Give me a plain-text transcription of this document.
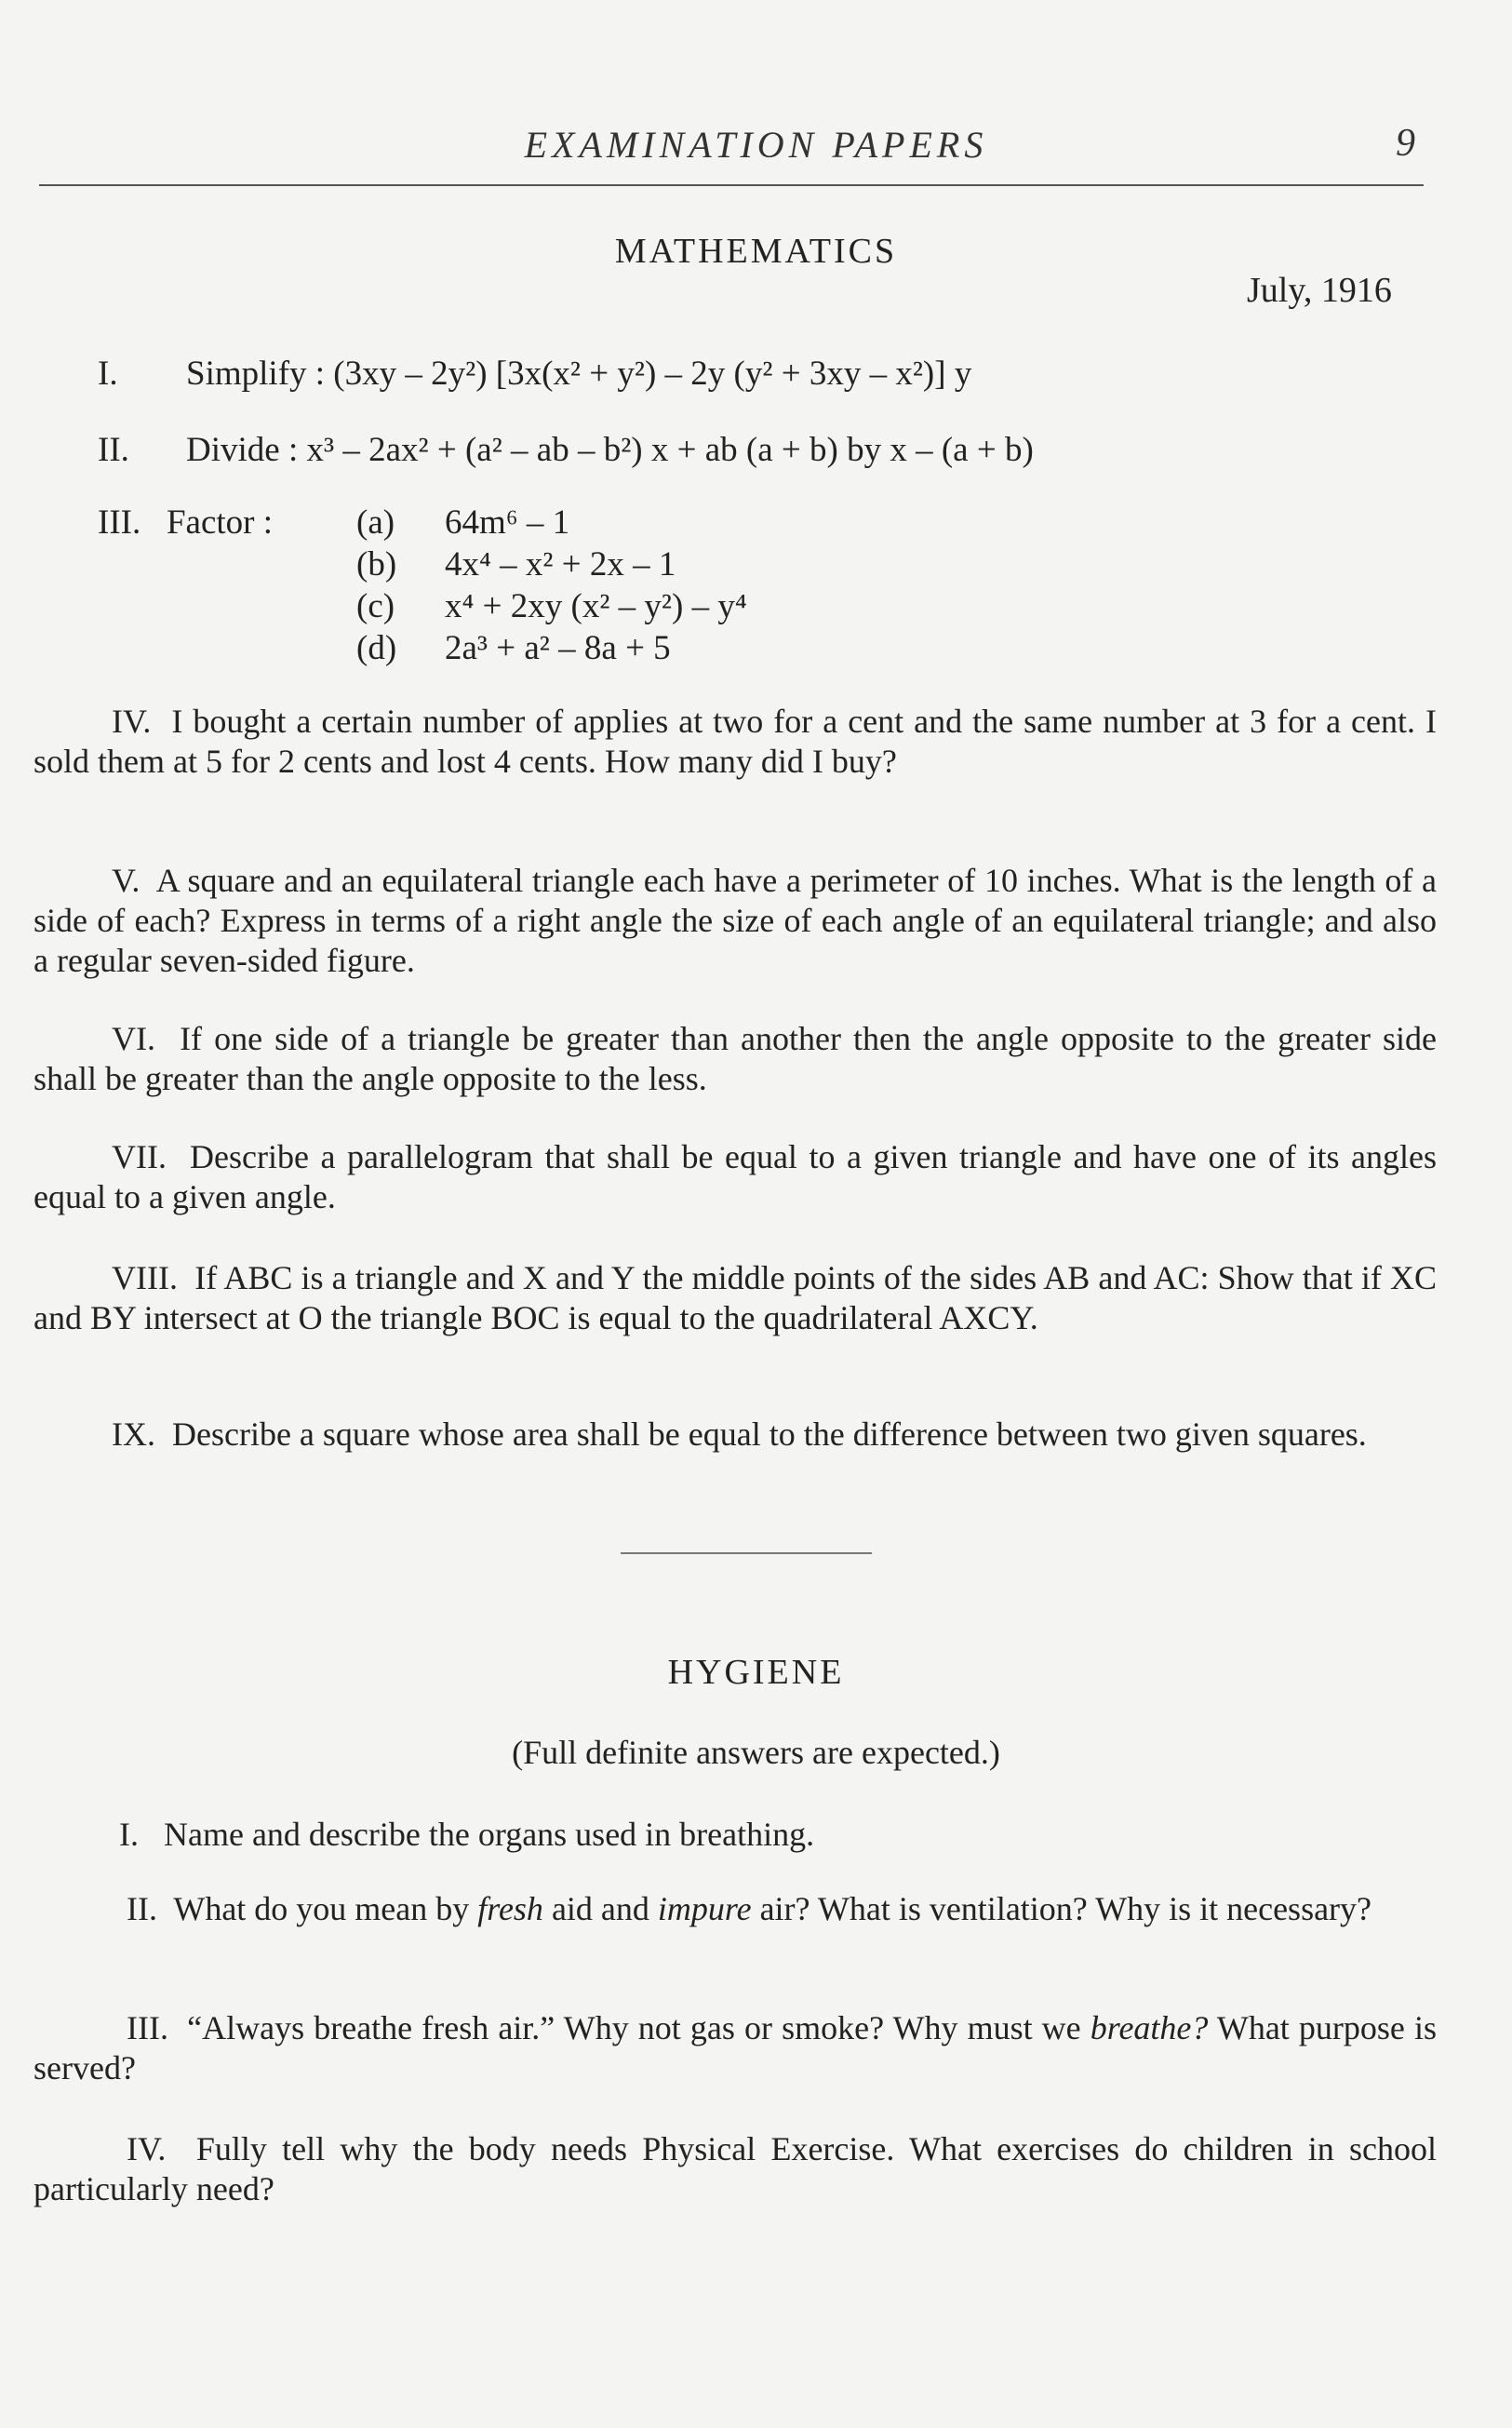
EXAMINATION PAPERS	9
MATHEMATICS
July, 1916
I. Simplify : (3xy – 2y²) [3x(x² + y²) – 2y (y² + 3xy – x²)] y
II. Divide : x³ – 2ax² + (a² – ab – b²) x + ab (a + b) by x – (a + b)
III.   Factor : (a) 64m⁶ – 1
(b) 4x⁴ – x² + 2x – 1
(c) x⁴ + 2xy (x² – y²) – y⁴
(d) 2a³ + a² – 8a + 5
IV. I bought a certain number of applies at two for a cent and the same number at 3 for a cent. I sold them at 5 for 2 cents and lost 4 cents. How many did I buy?
V. A square and an equilateral triangle each have a perimeter of 10 inches. What is the length of a side of each? Express in terms of a right angle the size of each angle of an equilateral triangle; and also a regular seven-sided figure.
VI. If one side of a triangle be greater than another then the angle opposite to the greater side shall be greater than the angle opposite to the less.
VII. Describe a parallelogram that shall be equal to a given triangle and have one of its angles equal to a given angle.
VIII. If ABC is a triangle and X and Y the middle points of the sides AB and AC: Show that if XC and BY intersect at O the triangle BOC is equal to the quadrilateral AXCY.
IX. Describe a square whose area shall be equal to the difference between two given squares.
HYGIENE
(Full definite answers are expected.)
I. Name and describe the organs used in breathing.
II. What do you mean by fresh aid and impure air? What is ventilation? Why is it necessary?
III. “Always breathe fresh air.” Why not gas or smoke? Why must we breathe? What purpose is served?
IV. Fully tell why the body needs Physical Exercise. What exercises do children in school particularly need?
